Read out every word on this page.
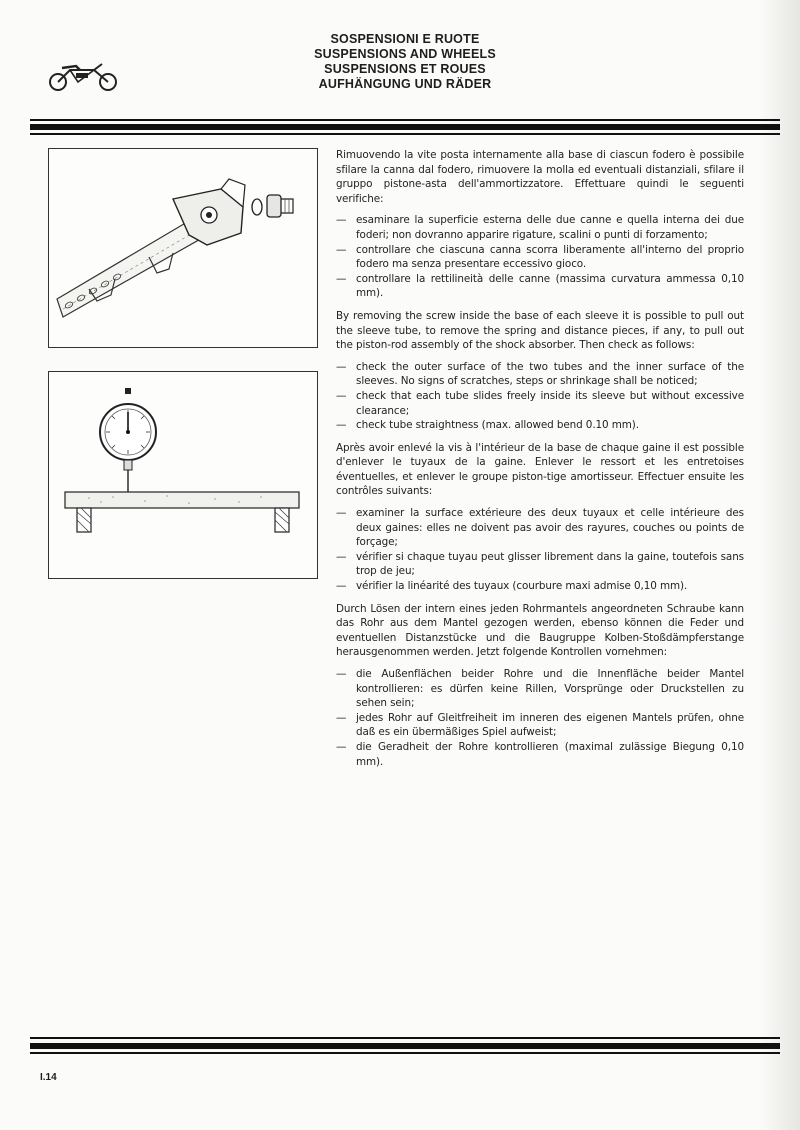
SOSPENSIONI E RUOTE
SUSPENSIONS AND WHEELS
SUSPENSIONS ET ROUES
AUFHÄNGUNG UND RÄDER

Rimuovendo la vite posta internamente alla base di ciascun fodero è possibile sfilare la canna dal fodero, rimuovere la molla ed eventuali distanziali, sfilare il gruppo pistone-asta dell'ammortizzatore. Effettuare quindi le seguenti verifiche:

— esaminare la superficie esterna delle due canne e quella interna dei due foderi; non dovranno apparire rigature, scalini o punti di forzamento;
— controllare che ciascuna canna scorra liberamente all'interno del proprio fodero ma senza presentare eccessivo gioco.
— controllare la rettilineità delle canne (massima curvatura ammessa 0,10 mm).

By removing the screw inside the base of each sleeve it is possible to pull out the sleeve tube, to remove the spring and distance pieces, if any, to pull out the piston-rod assembly of the shock absorber. Then check as follows:

— check the outer surface of the two tubes and the inner surface of the sleeves. No signs of scratches, steps or shrinkage shall be noticed;
— check that each tube slides freely inside its sleeve but without excessive clearance;
— check tube straightness (max. allowed bend 0.10 mm).

Après avoir enlevé la vis à l'intérieur de la base de chaque gaine il est possible d'enlever le tuyaux de la gaine. Enlever le ressort et les entretoises éventuelles, et enlever le groupe piston-tige amortisseur. Effectuer ensuite les contrôles suivants:

— examiner la surface extérieure des deux tuyaux et celle intérieure des deux gaines: elles ne doivent pas avoir des rayures, couches ou points de forçage;
— vérifier si chaque tuyau peut glisser librement dans la gaine, toutefois sans trop de jeu;
— vérifier la linéarité des tuyaux (courbure maxi admise 0,10 mm).

Durch Lösen der intern eines jeden Rohrmantels angeordneten Schraube kann das Rohr aus dem Mantel gezogen werden, ebenso können die Feder und eventuellen Distanzstücke und die Baugruppe Kolben-Stoßdämpferstange herausgenommen werden. Jetzt folgende Kontrollen vornehmen:

— die Außenflächen beider Rohre und die Innenfläche beider Mantel kontrollieren: es dürfen keine Rillen, Vorsprünge oder Druckstellen zu sehen sein;
— jedes Rohr auf Gleitfreiheit im inneren des eigenen Mantels prüfen, ohne daß es ein übermäßiges Spiel aufweist;
— die Geradheit der Rohre kontrollieren (maximal zulässige Biegung 0,10 mm).
I.14
